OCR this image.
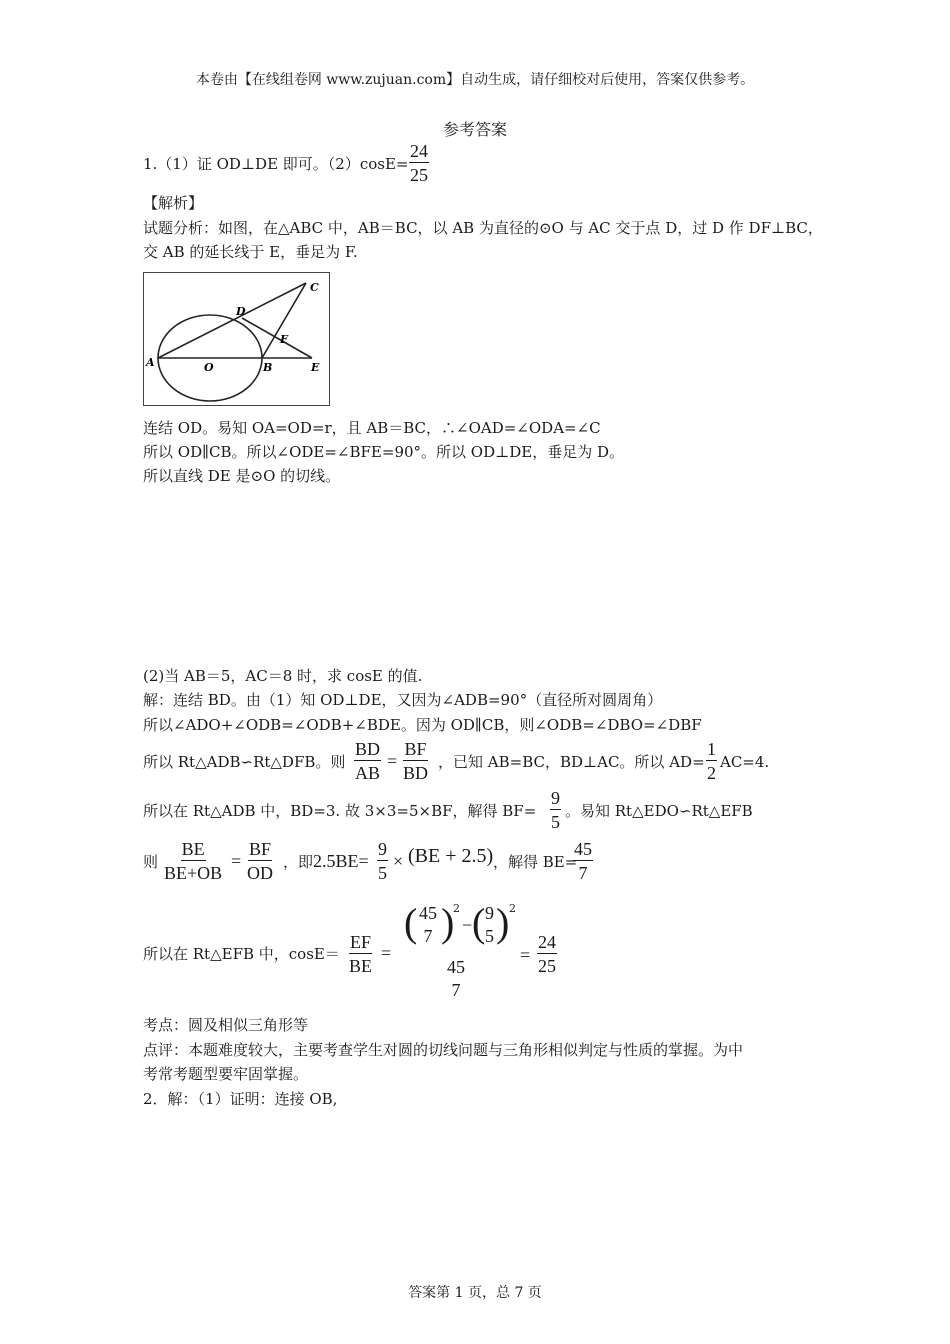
本卷由【在线组卷网 www.zujuan.com】自动生成，请仔细校对后使用，答案仅供参考。
参考答案
1.（1）证 OD⊥DE 即可。$(2)\cos E= \frac{24}{25}$
【解析】
试题分析：如图，在△ABC 中，AB＝BC，以 AB 为直径的⊙O 与 AC 交于点 D，过 D 作 DF⊥BC，
交 AB 的延长线于 E，垂足为 F.
A	O	B	E
D
F
C
连结 OD。易知 OA=OD=r，且 AB＝BC，∴∠OAD=∠ODA=∠C
所以 OD∥CB。所以∠ODE=∠BFE=90°。所以 OD⊥DE，垂足为 D。
所以直线 DE 是⊙O 的切线。
(2)当 AB＝5，AC＝8 时，求 cosE 的值.
解：连结 BD。由（1）知 OD⊥DE，又因为∠ADB=90°（直径所对圆周角）
所以∠ADO+∠ODB=∠ODB+∠BDE。因为 OD∥CB，则∠ODB=∠DBO=∠DBF
所以 Rt△ADB∽Rt△DFB。则 $\frac{BD}{AB} = \frac{BF}{BD}$ ，已知 AB=BC，BD⊥AC。所以 $AD= \frac{1}{2} AC=4$.
所以在 Rt△ADB 中，BD=3. 故 3×3=5×BF，解得 $BF= \frac{9}{5}$ 。易知 Rt△EDO∽Rt△EFB
则 $\frac{BE}{BE+OB} = \frac{BF}{OD}$ ，即 $2.5BE= \frac{9}{5} \times (BE + 2.5)$ ，解得 BE=
$\frac{45}{7}$
所以在 Rt△EFB 中，$\cos E= \frac{EF}{BE}$ =
( 45
7 )
2
− ( 9
5 ) 2
45
7
= $\frac{24}{25}$
考点：圆及相似三角形等
点评：本题难度较大，主要考查学生对圆的切线问题与三角形相似判定与性质的掌握。为中
考常考题型要牢固掌握。
2．解：（1）证明：连接 OB,
答案第 1 页，总 7 页
